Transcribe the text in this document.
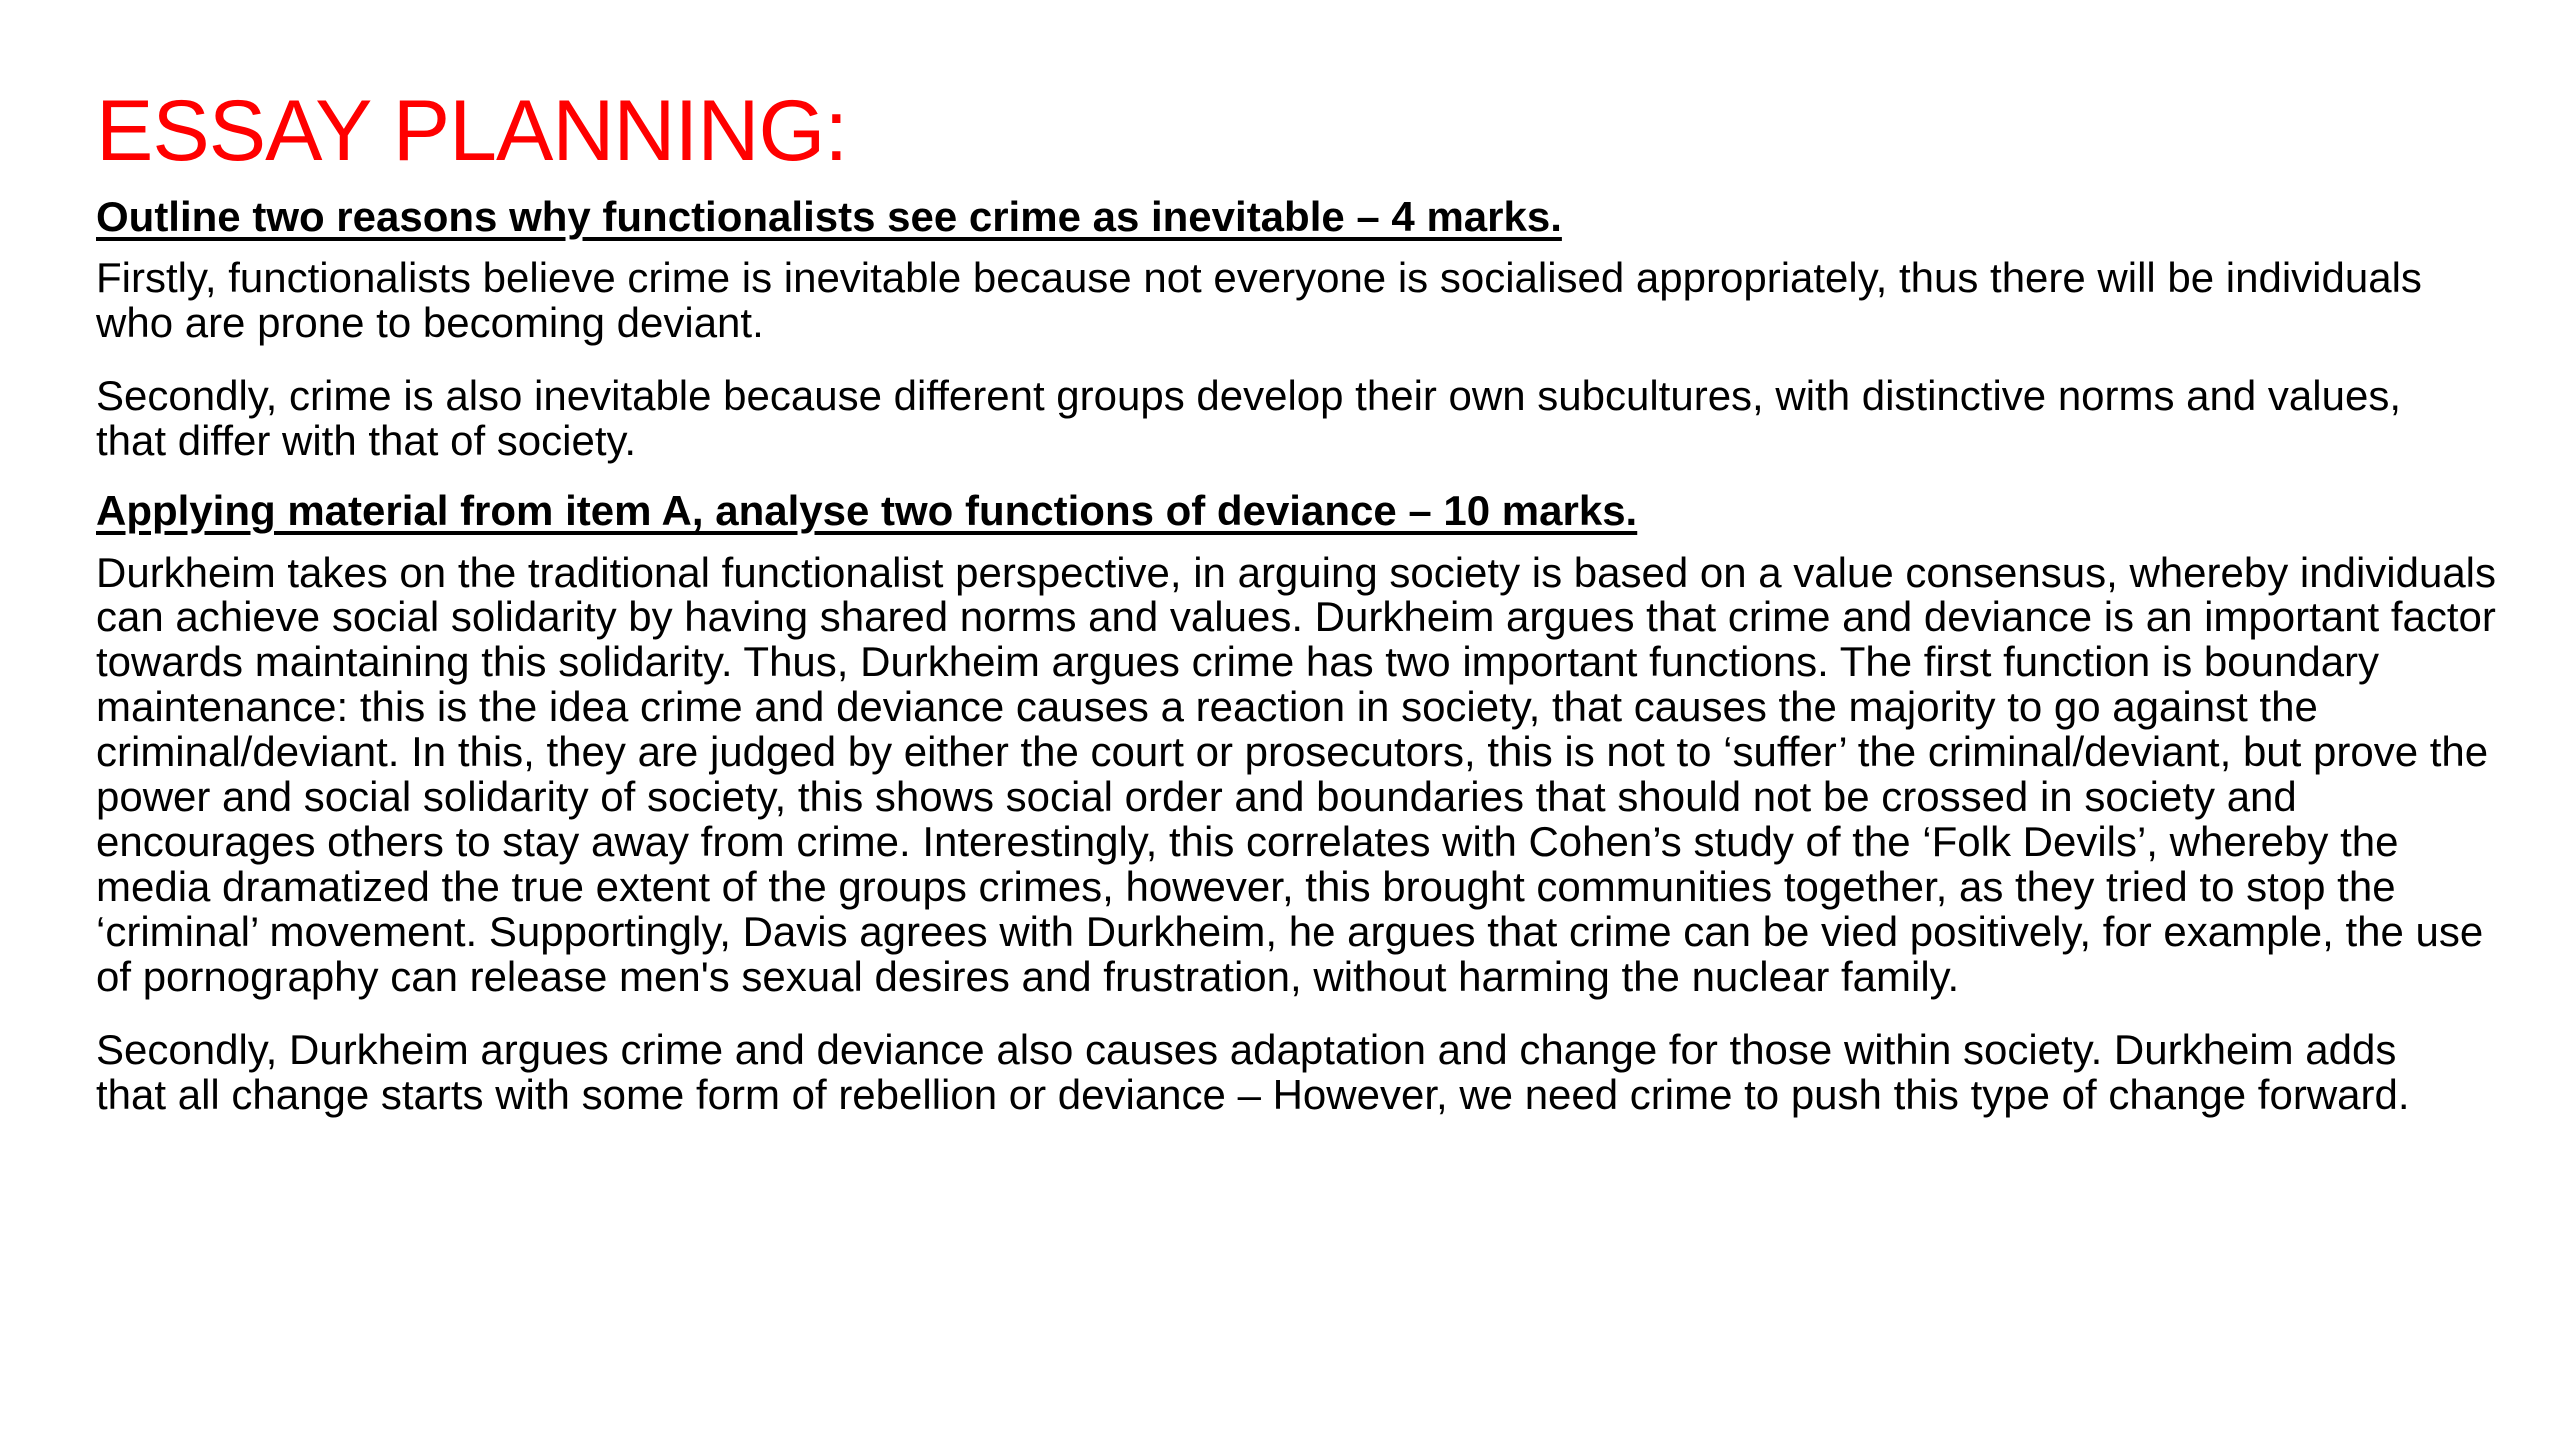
ESSAY PLANNING:
Outline two reasons why functionalists see crime as inevitable – 4 marks.

Firstly, functionalists believe crime is inevitable because not everyone is socialised appropriately, thus there will be individuals who are prone to becoming deviant.

Secondly, crime is also inevitable because different groups develop their own subcultures, with distinctive norms and values, that differ with that of society.

Applying material from item A, analyse two functions of deviance – 10 marks.

Durkheim takes on the traditional functionalist perspective, in arguing society is based on a value consensus, whereby individuals can achieve social solidarity by having shared norms and values. Durkheim argues that crime and deviance is an important factor towards maintaining this solidarity. Thus, Durkheim argues crime has two important functions. The first function is boundary maintenance: this is the idea crime and deviance causes a reaction in society, that causes the majority to go against the criminal/deviant. In this, they are judged by either the court or prosecutors, this is not to ‘suffer’ the criminal/deviant, but prove the power and social solidarity of society, this shows social order and boundaries that should not be crossed in society and encourages others to stay away from crime. Interestingly, this correlates with Cohen’s study of the ‘Folk Devils’, whereby the media dramatized the true extent of the groups crimes, however, this brought communities together, as they tried to stop the ‘criminal’ movement. Supportingly, Davis agrees with Durkheim, he argues that crime can be vied positively, for example, the use of pornography can release men's sexual desires and frustration, without harming the nuclear family.

Secondly, Durkheim argues crime and deviance also causes adaptation and change for those within society. Durkheim adds that all change starts with some form of rebellion or deviance – However, we need crime to push this type of change forward.
